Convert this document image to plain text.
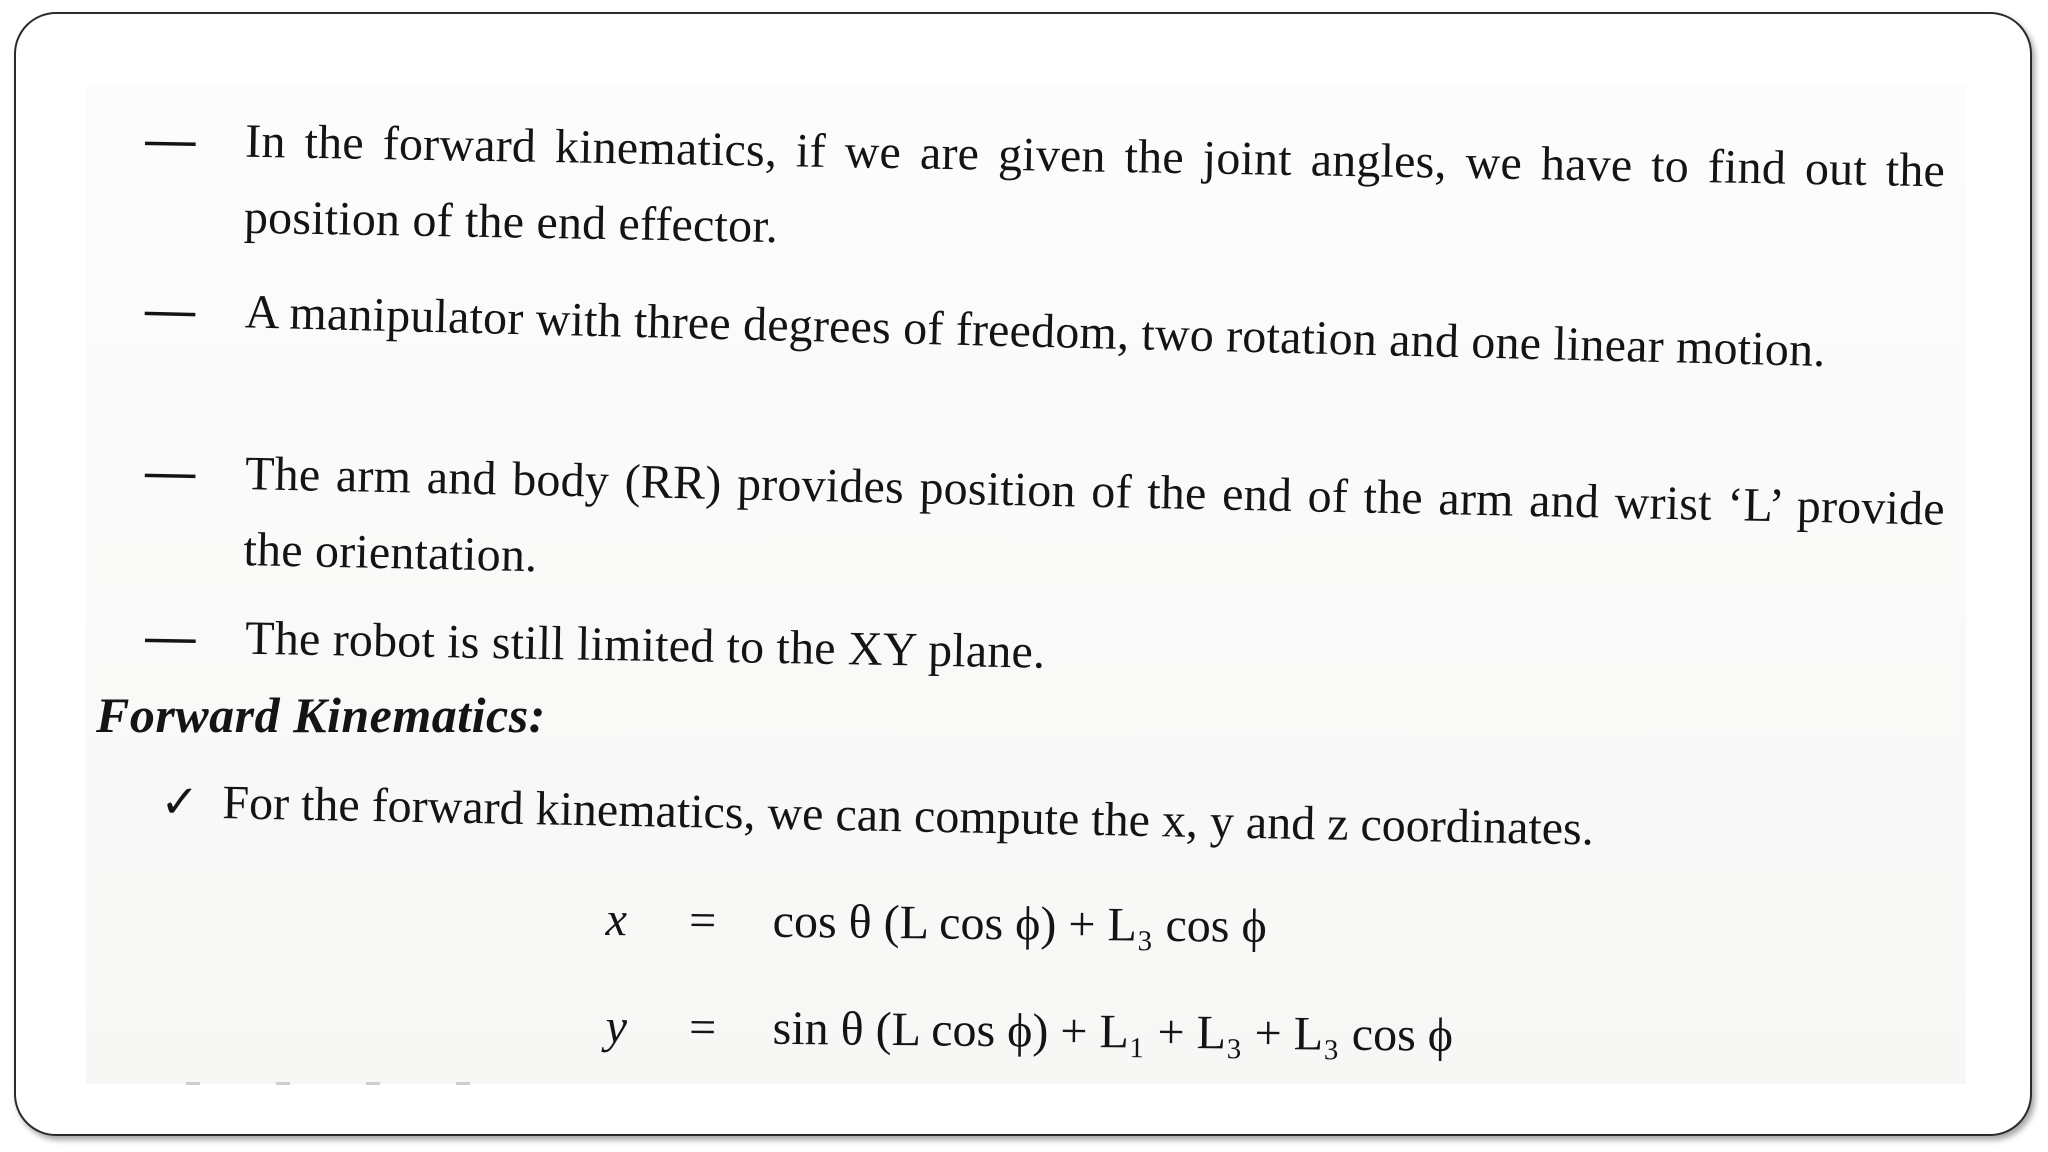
— In the forward kinematics, if we are given the joint angles, we have to find out the position of the end effector.
— A manipulator with three degrees of freedom, two rotation and one linear motion.
— The arm and body (RR) provides position of the end of the arm and wrist ‘L’ provide the orientation.
— The robot is still limited to the XY plane.
Forward Kinematics:
✓ For the forward kinematics, we can compute the x, y and z coordinates.
x = cos θ (L cos ϕ) + L₃ cos ϕ
y = sin θ (L cos ϕ) + L₁ + L₃ + L₃ cos ϕ
